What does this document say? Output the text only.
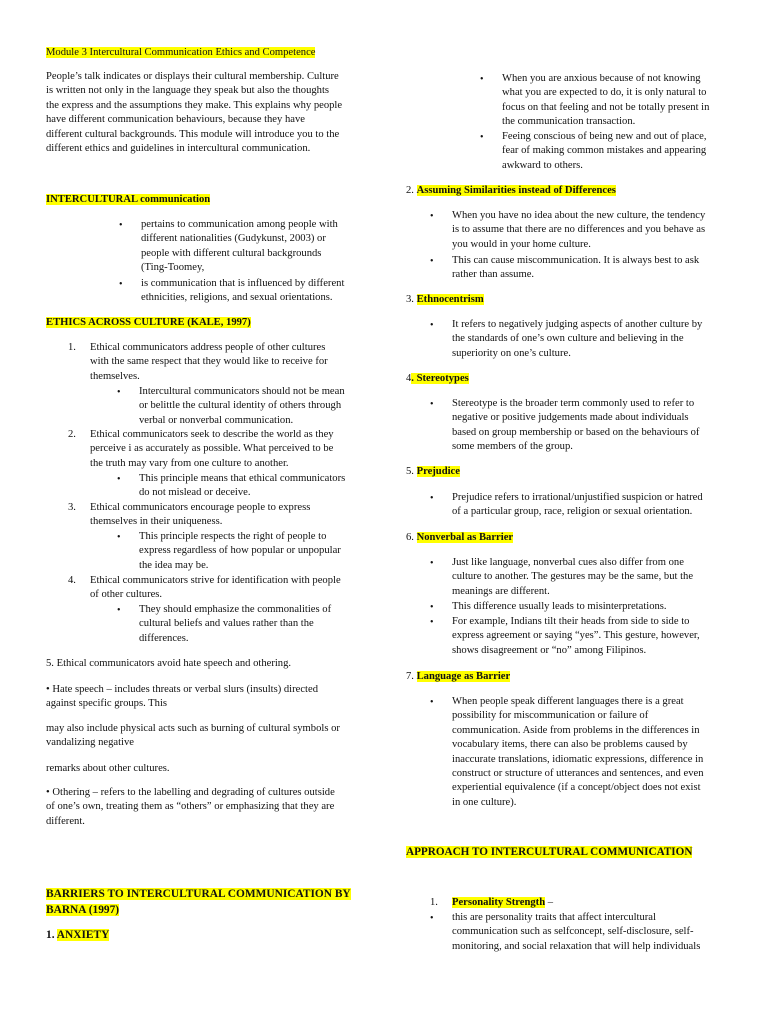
Module 3 Intercultural Communication Ethics and Competence

People’s talk indicates or displays their cultural membership. Culture

is written not only in the language they speak but also the thoughts

the express and the assumptions they make. This explains why people

have different communication behaviours, because they have

different cultural backgrounds. This module will introduce you to the

different ethics and guidelines in intercultural communication.

INTERCULTURAL communication
• pertains to communication among people with

different nationalities (Gudykunst, 2003) or

people with different cultural backgrounds

(Ting-Toomey,

• is communication that is influenced by different

ethnicities, religions, and sexual orientations.

ETHICS ACROSS CULTURE (KALE, 1997)
1. Ethical communicators address people of other cultures

with the same respect that they would like to receive for

themselves.

• Intercultural communicators should not be mean

or belittle the cultural identity of others through

verbal or nonverbal communication.

2. Ethical communicators seek to describe the world as they

perceive i as accurately as possible. What perceived to be

the truth may vary from one culture to another.

• This principle means that ethical communicators

do not mislead or deceive.

3. Ethical communicators encourage people to express

themselves in their uniqueness.

• This principle respects the right of people to

express regardless of how popular or unpopular

the idea may be.

4. Ethical communicators strive for identification with people

of other cultures.

• They should emphasize the commonalities of

cultural beliefs and values rather than the

differences.

5. Ethical communicators avoid hate speech and othering.

• Hate speech – includes threats or verbal slurs (insults) directed

against specific groups. This

may also include physical acts such as burning of cultural symbols or

vandalizing negative

remarks about other cultures.

• Othering – refers to the labelling and degrading of cultures outside

of one’s own, treating them as “others” or emphasizing that they are

different.

BARRIERS TO INTERCULTURAL COMMUNICATION BY

BARNA (1997)

1. ANXIETY
• When you are anxious because of not knowing

what you are expected to do, it is only natural to

focus on that feeling and not be totally present in

the communication transaction.

• Feeing conscious of being new and out of place,

fear of making common mistakes and appearing

awkward to others.

2. Assuming Similarities instead of Differences
• When you have no idea about the new culture, the tendency

is to assume that there are no differences and you behave as

you would in your home culture.

• This can cause miscommunication. It is always best to ask

rather than assume.

3. Ethnocentrism
• It refers to negatively judging aspects of another culture by

the standards of one’s own culture and believing in the

superiority on one’s culture.

4. Stereotypes
• Stereotype is the broader term commonly used to refer to

negative or positive judgements made about individuals

based on group membership or based on the behaviours of

some members of the group.

5. Prejudice
• Prejudice refers to irrational/unjustified suspicion or hatred

of a particular group, race, religion or sexual orientation.

6. Nonverbal as Barrier
• Just like language, nonverbal cues also differ from one

culture to another. The gestures may be the same, but the

meanings are different.

• This difference usually leads to misinterpretations.

• For example, Indians tilt their heads from side to side to

express agreement or saying “yes”. This gesture, however,

shows disagreement or “no” among Filipinos.

7. Language as Barrier
• When people speak different languages there is a great

possibility for miscommunication or failure of

communication. Aside from problems in the differences in

vocabulary items, there can also be problems caused by

inaccurate translations, idiomatic expressions, difference in

construct or structure of utterances and sentences, and even

experiential equivalence (if a concept/object does not exist

in one culture).

APPROACH TO INTERCULTURAL COMMUNICATION
1. Personality Strength –
• this are personality traits that affect intercultural

communication such as selfconcept, self-disclosure, self-

monitoring, and social relaxation that will help individuals
